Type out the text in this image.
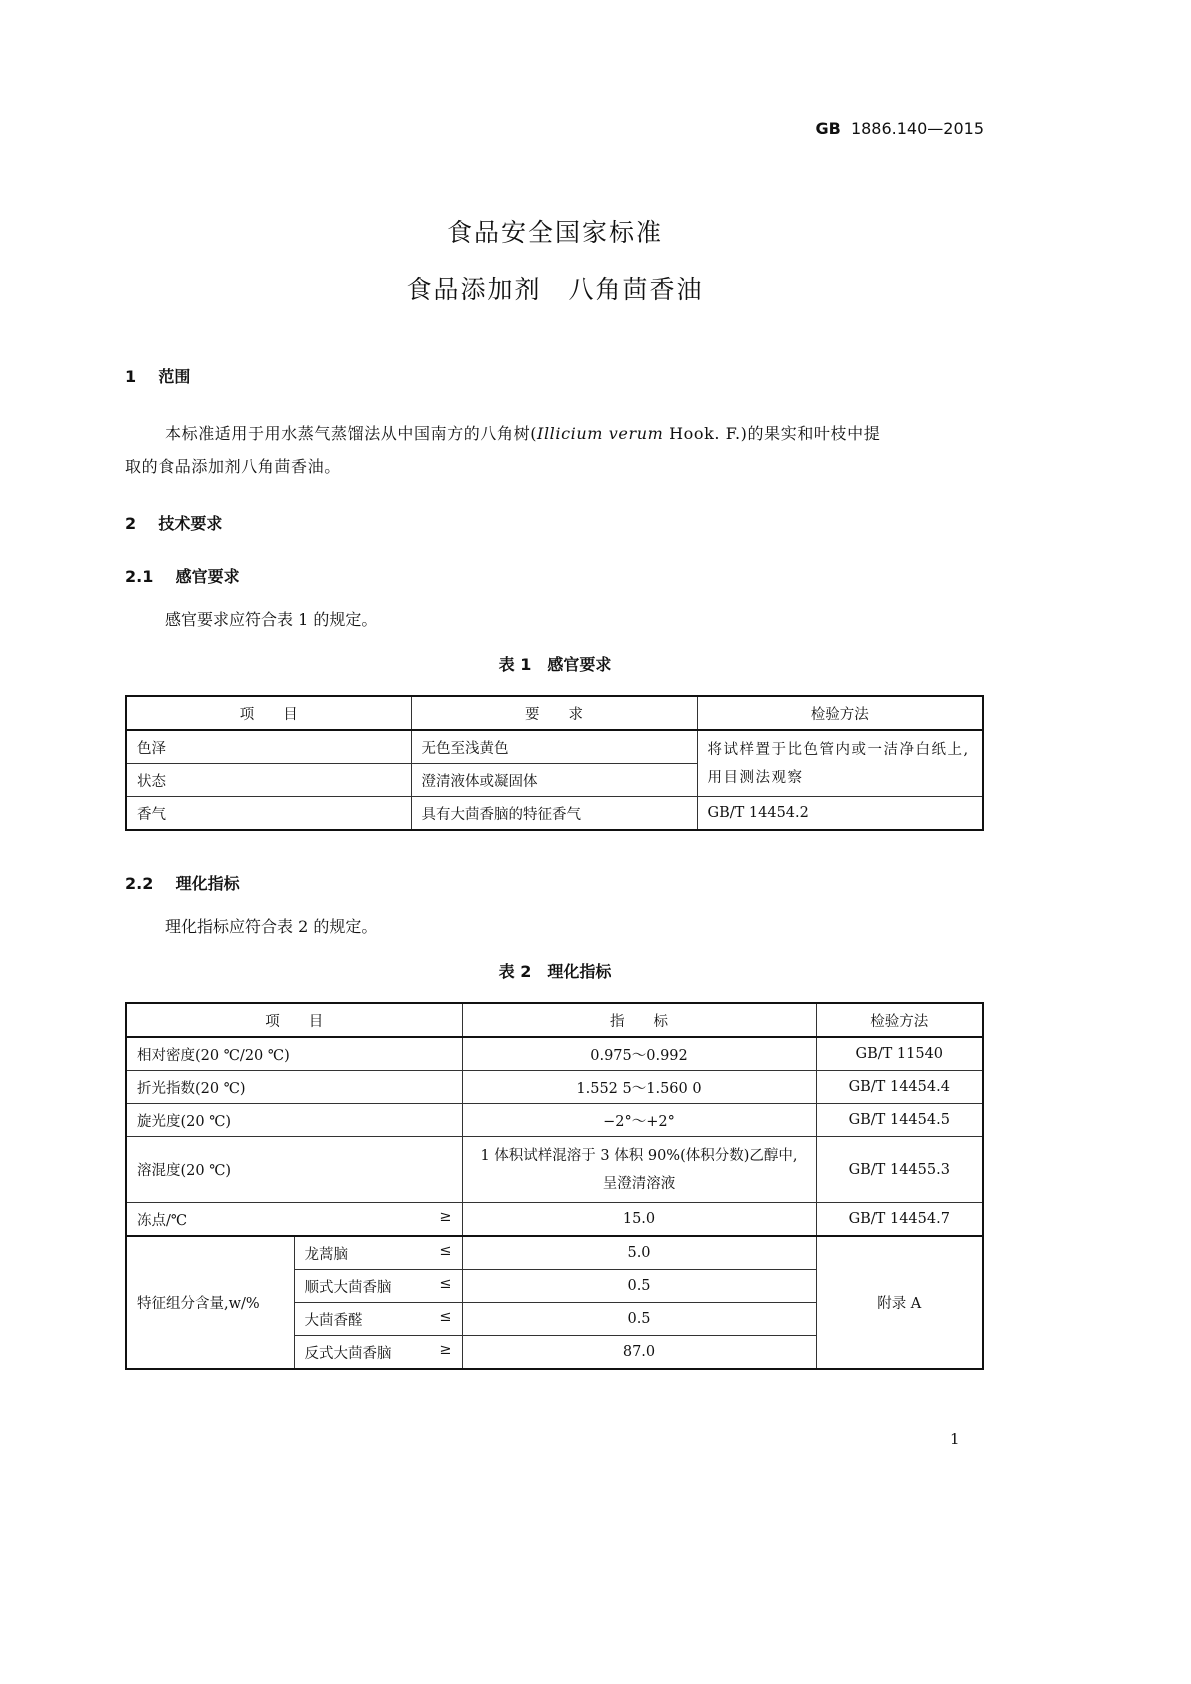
GB 1886.140—2015
食品安全国家标准
食品添加剂　八角茴香油
1 范围
本标准适用于用水蒸气蒸馏法从中国南方的八角树(Illicium verum Hook. F.)的果实和叶枝中提
取的食品添加剂八角茴香油。
2 技术要求
2.1 感官要求
感官要求应符合表 1 的规定。
表 1　感官要求
项　　目	要　　求	检验方法
色泽	无色至浅黄色	将试样置于比色管内或一洁净白纸上,用目测法观察
状态	澄清液体或凝固体	
香气	具有大茴香脑的特征香气	GB/T 14454.2
2.2 理化指标
理化指标应符合表 2 的规定。
表 2　理化指标
项　　目		指　　标	检验方法
相对密度(20 ℃/20 ℃)		0.975～0.992	GB/T 11540
折光指数(20 ℃)		1.552 5～1.560 0	GB/T 14454.4
旋光度(20 ℃)		−2°～+2°	GB/T 14454.5
溶混度(20 ℃)		1 体积试样混溶于 3 体积 90%(体积分数)乙醇中,呈澄清溶液	GB/T 14455.3
冻点/℃ ≥		15.0	GB/T 14454.7
特征组分含量,w/%	龙蒿脑 ≤	5.0	附录 A
	顺式大茴香脑 ≤	0.5	
	大茴香醛 ≤	0.5	
	反式大茴香脑 ≥	87.0	
1
